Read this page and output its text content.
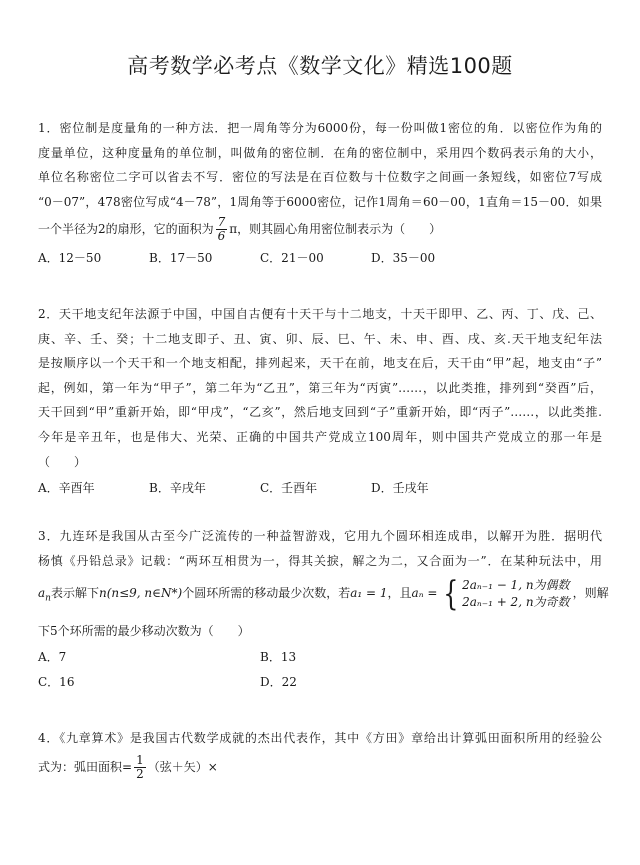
高考数学必考点《数学文化》精选100题

1．密位制是度量角的一种方法．把一周角等分为6000份，每一份叫做1密位的角．以密位作为角的

度量单位，这种度量角的单位制，叫做角的密位制．在角的密位制中，采用四个数码表示角的大小，

单位名称密位二字可以省去不写．密位的写法是在百位数与十位数字之间画一条短线，如密位7写成

“0－07”，478密位写成“4－78”，1周角等于6000密位，记作1周角＝60－00，1直角＝15－00．如果

一个半径为2的扇形，它的面积为 $\frac{7}{6}$ π，则其圆心角用密位制表示为（　　）

A．12－50	B．17－50	C．21－00	D．35－00

2．天干地支纪年法源于中国，中国自古便有十天干与十二地支，十天干即甲、乙、丙、丁、戊、己、

庚、辛、壬、癸；十二地支即子、丑、寅、卯、辰、巳、午、未、申、酉、戌、亥.天干地支纪年法

是按顺序以一个天干和一个地支相配，排列起来，天干在前，地支在后，天干由“甲”起，地支由“子”

起，例如，第一年为“甲子”，第二年为“乙丑”，第三年为“丙寅”……，以此类推，排列到“癸酉”后，

天干回到“甲”重新开始，即“甲戌”，“乙亥”，然后地支回到“子”重新开始，即“丙子”……，以此类推.

今年是辛丑年，也是伟大、光荣、正确的中国共产党成立100周年，则中国共产党成立的那一年是

（　　）

A．辛酉年	B．辛戌年	C．壬酉年	D．壬戌年

3．九连环是我国从古至今广泛流传的一种益智游戏，它用九个圆环相连成串，以解开为胜．据明代

杨慎《丹铅总录》记载：“两环互相贯为一，得其关捩，解之为二，又合面为一”．在某种玩法中，用

$a_n$表示解下n(n≤9, n∈N*)个圆环所需的移动最少次数，若a₁ = 1，且aₙ = { 2aₙ₋₁ − 1, n为偶数
2aₙ₋₁ + 2, n为奇数
，则解

下5个环所需的最少移动次数为（　　）

A．7	B．13
C．16	D．22

4．《九章算术》是我国古代数学成就的杰出代表作，其中《方田》章给出计算弧田面积所用的经验公

式为：弧田面积= $\frac{1}{2}$ （弦＋矢）×
